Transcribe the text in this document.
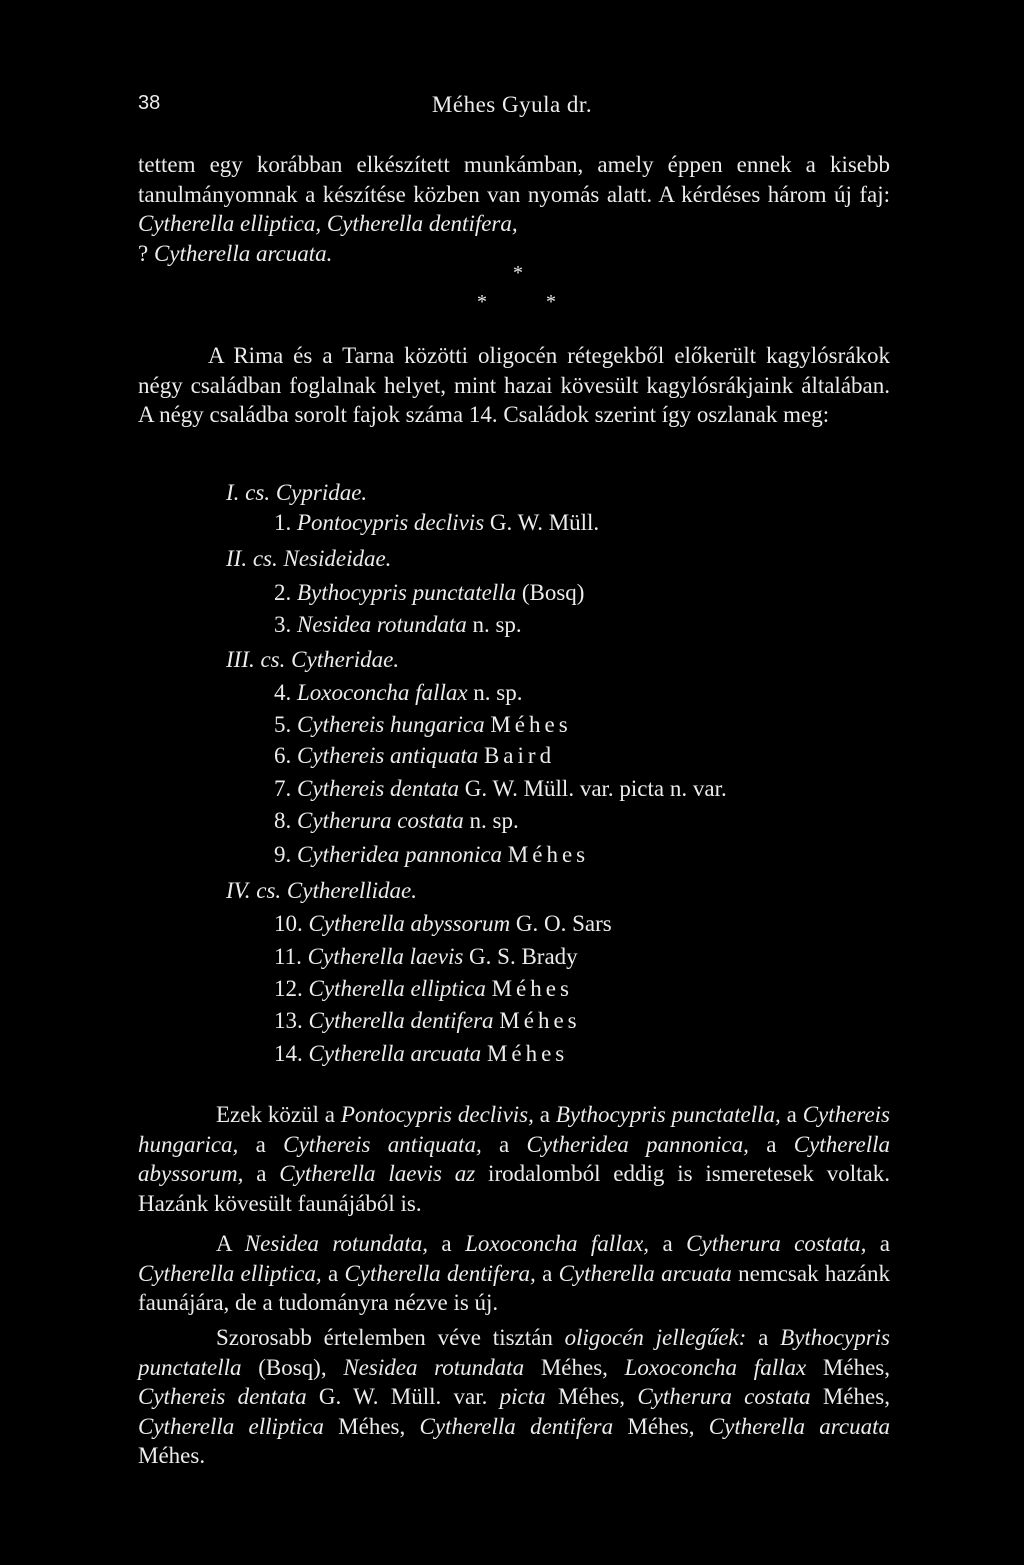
38	Méhes Gyula dr.

tettem egy korábban elkészített munkámban, amely éppen ennek a kisebb tanulmányomnak a készítése közben van nyomás alatt. A kérdéses három új faj: Cytherella elliptica, Cytherella dentifera,
? Cytherella arcuata.

*
*	*

A Rima és a Tarna közötti oligocén rétegekből előkerült kagylósrákok négy családban foglalnak helyet, mint hazai kövesült kagylósrákjaink általában. A négy családba sorolt fajok száma 14. Családok szerint így oszlanak meg:

I. cs. Cypridae.
1. Pontocypris declivis G. W. Müll.
II. cs. Nesideidae.
2. Bythocypris punctatella (Bosq)
3. Nesidea rotundata n. sp.
III. cs. Cytheridae.
4. Loxoconcha fallax n. sp.
5. Cythereis hungarica Méhes
6. Cythereis antiquata Baird
7. Cythereis dentata G. W. Müll. var. picta n. var.
8. Cytherura costata n. sp.
9. Cytheridea pannonica Méhes
IV. cs. Cytherellidae.
10. Cytherella abyssorum G. O. Sars
11. Cytherella laevis G. S. Brady
12. Cytherella elliptica Méhes
13. Cytherella dentifera Méhes
14. Cytherella arcuata Méhes

Ezek közül a Pontocypris declivis, a Bythocypris punctatella, a Cythereis hungarica, a Cythereis antiquata, a Cytheridea pannonica, a Cytherella abyssorum, a Cytherella laevis az irodalomból eddig is ismeretesek voltak. Hazánk kövesült faunájából is.

A Nesidea rotundata, a Loxoconcha fallax, a Cytherura costata, a Cytherella elliptica, a Cytherella dentifera, a Cytherella arcuata nemcsak hazánk faunájára, de a tudományra nézve is új.

Szorosabb értelemben véve tisztán oligocén jellegűek: a Bythocypris punctatella (Bosq), Nesidea rotundata Méhes, Loxoconcha fallax Méhes, Cythereis dentata G. W. Müll. var. picta Méhes, Cytherura costata Méhes, Cytherella elliptica Méhes, Cytherella dentifera Méhes, Cytherella arcuata Méhes.
